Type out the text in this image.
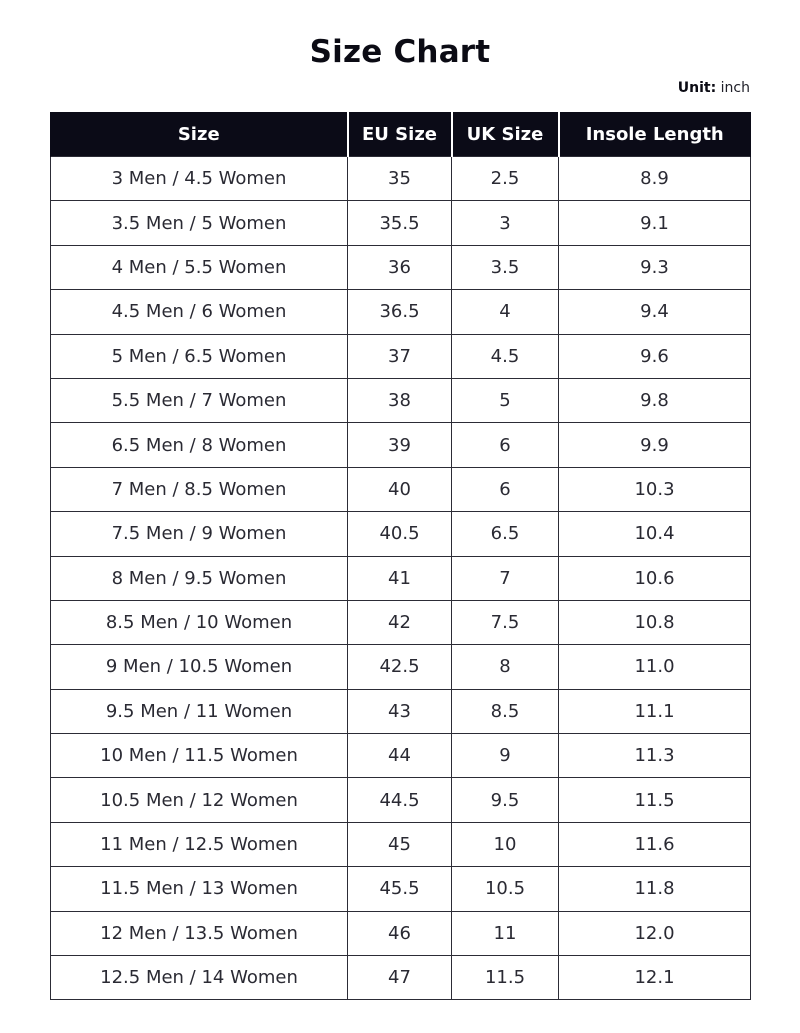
Size Chart
Unit: inch
Size	EU Size	UK Size	Insole Length
3 Men / 4.5 Women	35	2.5	8.9
3.5 Men / 5 Women	35.5	3	9.1
4 Men / 5.5 Women	36	3.5	9.3
4.5 Men / 6 Women	36.5	4	9.4
5 Men / 6.5 Women	37	4.5	9.6
5.5 Men / 7 Women	38	5	9.8
6.5 Men / 8 Women	39	6	9.9
7 Men / 8.5 Women	40	6	10.3
7.5 Men / 9 Women	40.5	6.5	10.4
8 Men / 9.5 Women	41	7	10.6
8.5 Men / 10 Women	42	7.5	10.8
9 Men / 10.5 Women	42.5	8	11.0
9.5 Men / 11 Women	43	8.5	11.1
10 Men / 11.5 Women	44	9	11.3
10.5 Men / 12 Women	44.5	9.5	11.5
11 Men / 12.5 Women	45	10	11.6
11.5 Men / 13 Women	45.5	10.5	11.8
12 Men / 13.5 Women	46	11	12.0
12.5 Men / 14 Women	47	11.5	12.1
